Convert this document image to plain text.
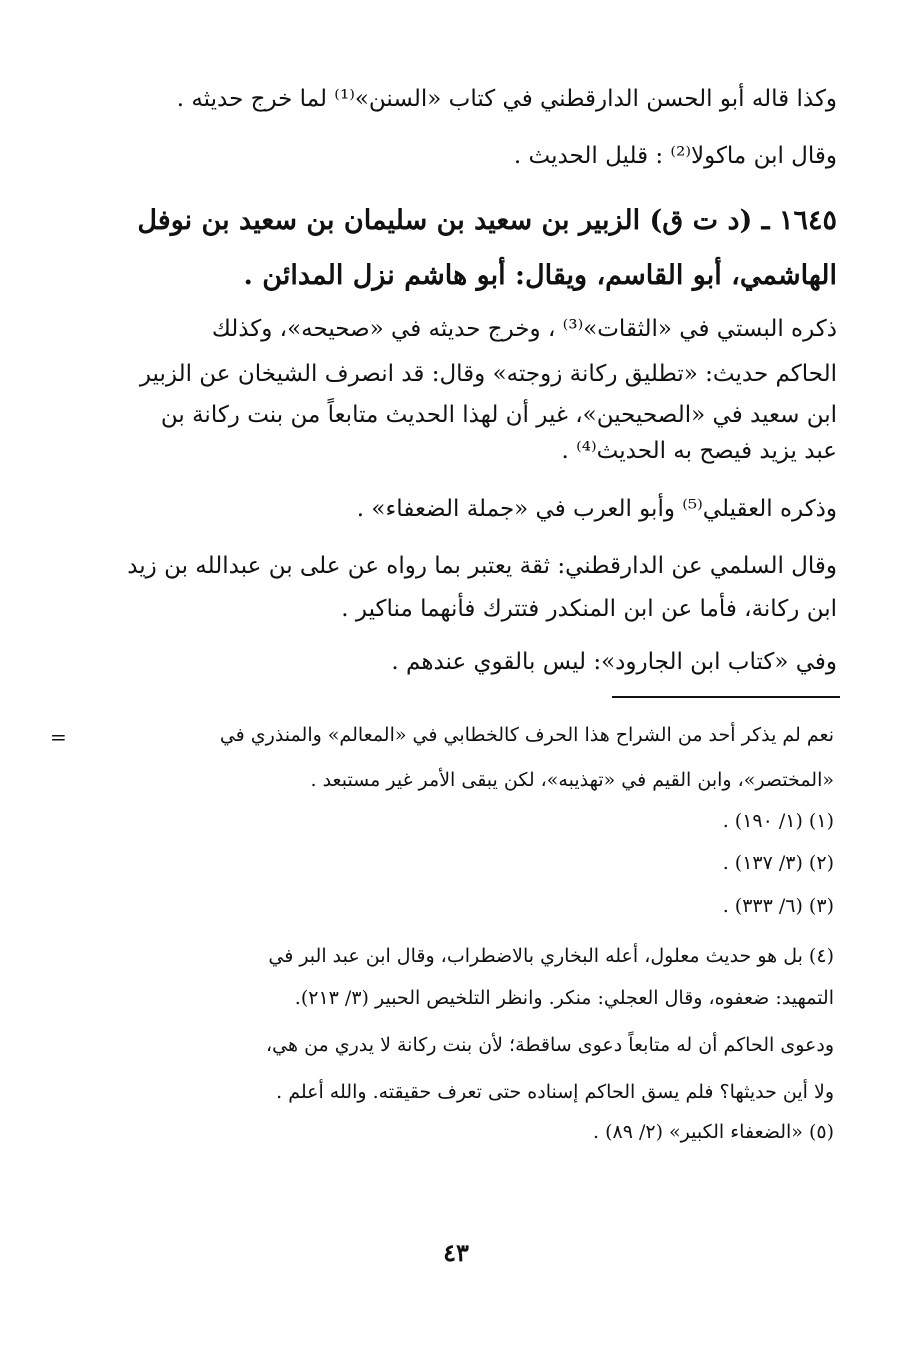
وكذا قاله أبو الحسن الدارقطني في كتاب «السنن»⁽¹⁾ لما خرج حديثه .
وقال ابن ماكولا⁽²⁾ : قليل الحديث .
١٦٤٥ ـ (د ت ق) الزبير بن سعيد بن سليمان بن سعيد بن نوفل
الهاشمي، أبو القاسم، ويقال: أبو هاشم نزل المدائن .
ذكره البستي في «الثقات»⁽³⁾ ، وخرج حديثه في «صحيحه»، وكذلك
الحاكم حديث: «تطليق ركانة زوجته» وقال: قد انصرف الشيخان عن الزبير
ابن سعيد في «الصحيحين»، غير أن لهذا الحديث متابعاً من بنت ركانة بن
عبد يزيد فيصح به الحديث⁽⁴⁾ .
وذكره العقيلي⁽⁵⁾ وأبو العرب في «جملة الضعفاء» .
وقال السلمي عن الدارقطني: ثقة يعتبر بما رواه عن على بن عبدالله بن زيد
ابن ركانة، فأما عن ابن المنكدر فتترك فأنهما مناكير .
وفي «كتاب ابن الجارود»: ليس بالقوي عندهم .
=	نعم لم يذكر أحد من الشراح هذا الحرف كالخطابي في «المعالم» والمنذري في
«المختصر»، وابن القيم في «تهذيبه»، لكن يبقى الأمر غير مستبعد .
(١) (١/ ١٩٠) .
(٢) (٣/ ١٣٧) .
(٣) (٦/ ٣٣٣) .
(٤) بل هو حديث معلول، أعله البخاري بالاضطراب، وقال ابن عبد البر في
التمهيد: ضعفوه، وقال العجلي: منكر. وانظر التلخيص الحبير (٣/ ٢١٣).
ودعوى الحاكم أن له متابعاً دعوى ساقطة؛ لأن بنت ركانة لا يدري من هي،
ولا أين حديثها؟ فلم يسق الحاكم إسناده حتى تعرف حقيقته. والله أعلم .
(٥) «الضعفاء الكبير» (٢/ ٨٩) .
٤٣
